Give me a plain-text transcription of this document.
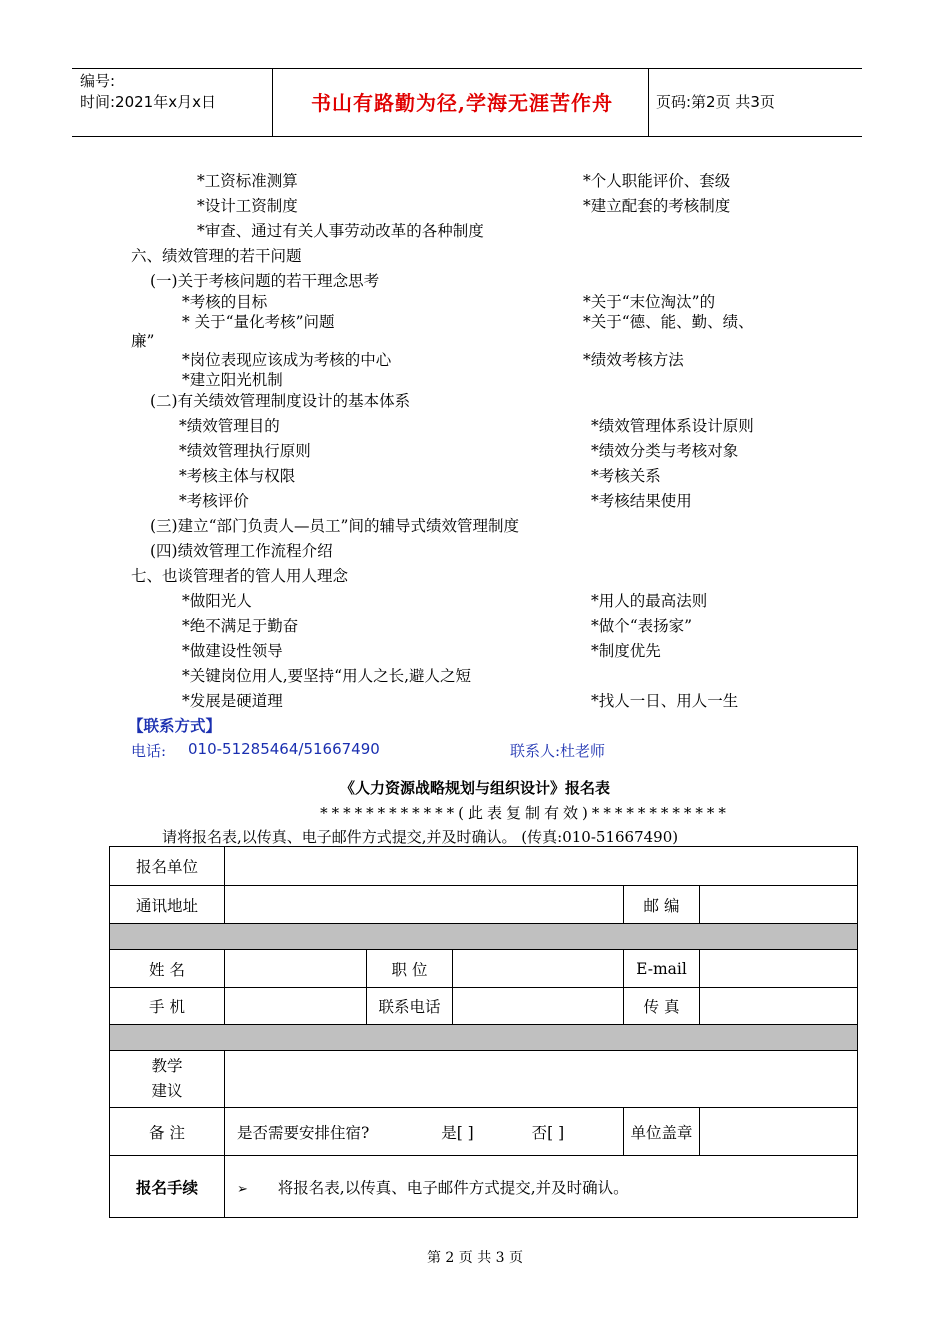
编号:
时间:2021年x月x日	书山有路勤为径,学海无涯苦作舟	页码:第2页 共3页
*工资标准测算	*个人职能评价、套级
*设计工资制度	*建立配套的考核制度
*审查、通过有关人事劳动改革的各种制度
六、绩效管理的若干问题
(一)关于考核问题的若干理念思考
*考核的目标	*关于“末位淘汰”的
* 关于“量化考核”问题	*关于“德、能、勤、绩、
廉”
*岗位表现应该成为考核的中心	*绩效考核方法
*建立阳光机制
(二)有关绩效管理制度设计的基本体系
*绩效管理目的	*绩效管理体系设计原则
*绩效管理执行原则	*绩效分类与考核对象
*考核主体与权限	*考核关系
*考核评价	*考核结果使用
(三)建立“部门负责人—员工”间的辅导式绩效管理制度
(四)绩效管理工作流程介绍
七、也谈管理者的管人用人理念
*做阳光人	*用人的最高法则
*绝不满足于勤奋	*做个“表扬家”
*做建设性领导	*制度优先
*关键岗位用人,要坚持“用人之长,避人之短
*发展是硬道理	*找人一日、用人一生
【联系方式】
电话: 010-51285464/51667490	联系人:杜老师
《人力资源战略规划与组织设计》报名表
************(此表复制有效)************
请将报名表,以传真、电子邮件方式提交,并及时确认。 (传真:010-51667490)
报名单位					
通讯地址				邮 编	

姓 名		职 位		E-mail	
手 机		联系电话		传 真	

教学
建议					

备 注	是否需要安排住宿? 是[ ] 否[ ]			单位盖章	
报名手续	➢ 将报名表,以传真、电子邮件方式提交,并及时确认。				
第 2 页 共 3 页
